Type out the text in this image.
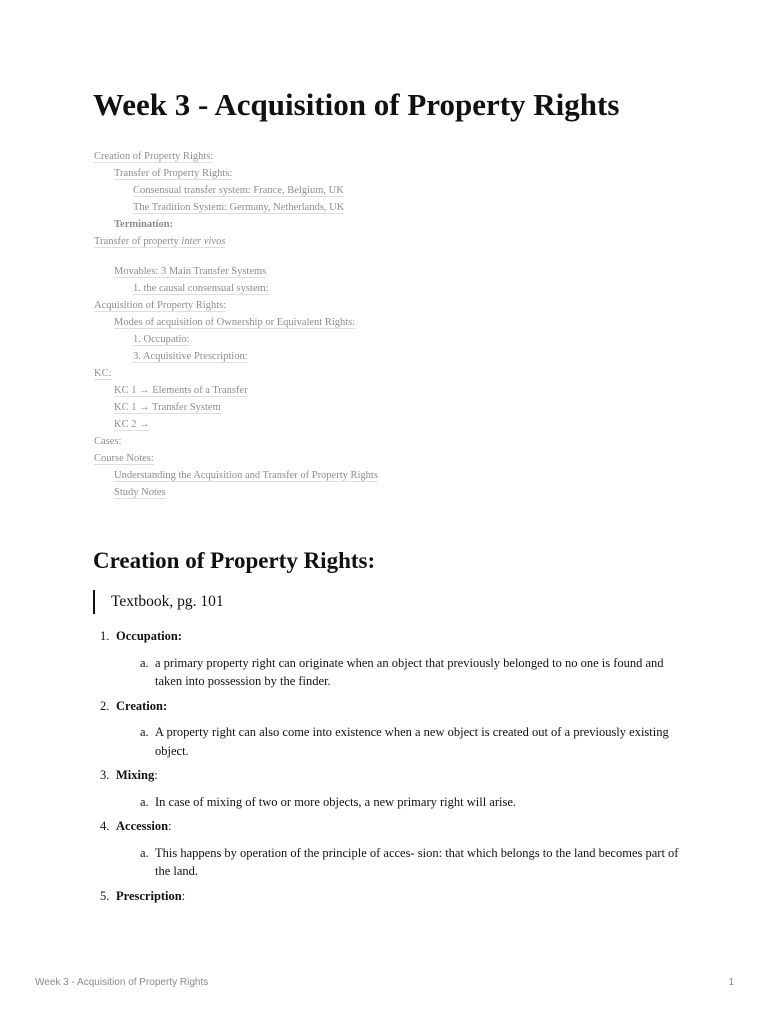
Week 3 - Acquisition of Property Rights
Creation of Property Rights:
Transfer of Property Rights:
Consensual transfer system: France, Belgium, UK
The Tradition System: Germany, Netherlands, UK
Termination:
Transfer of property inter vivos
Movables: 3 Main Transfer Systems
1. the causal consensual system:
Acquisition of Property Rights:
Modes of acquisition of Ownership or Equivalent Rights:
1. Occupatio:
3. Acquisitive Prescription:
KC:
KC 1 → Elements of a Transfer
KC 1 → Transfer System
KC 2 →
Cases:
Course Notes:
Understanding the Acquisition and Transfer of Property Rights
Study Notes
Creation of Property Rights:
Textbook, pg. 101
1. Occupation:
a. a primary property right can originate when an object that previously belonged to no one is found and taken into possession by the finder.
2. Creation:
a. A property right can also come into existence when a new object is created out of a previously existing object.
3. Mixing:
a. In case of mixing of two or more objects, a new primary right will arise.
4. Accession:
a. This happens by operation of the principle of acces- sion: that which belongs to the land becomes part of the land.
5. Prescription:
Week 3 - Acquisition of Property Rights	1
